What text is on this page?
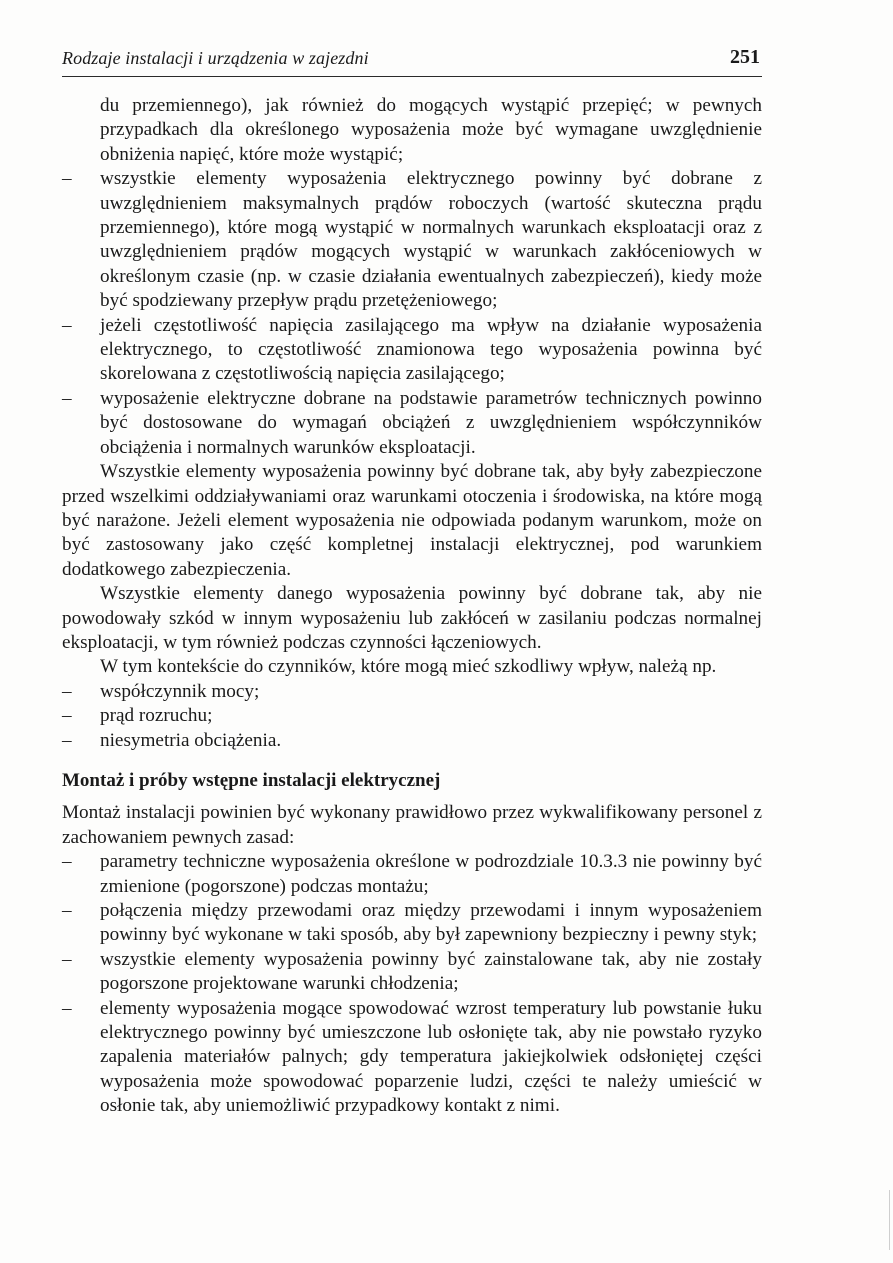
Rodzaje instalacji i urządzenia w zajezdni	251
du przemiennego), jak również do mogących wystąpić przepięć; w pewnych przypadkach dla określonego wyposażenia może być wymagane uwzględnienie obniżenia napięć, które może wystąpić;
–	wszystkie elementy wyposażenia elektrycznego powinny być dobrane z uwzględnieniem maksymalnych prądów roboczych (wartość skuteczna prądu przemiennego), które mogą wystąpić w normalnych warunkach eksploatacji oraz z uwzględnieniem prądów mogących wystąpić w warunkach zakłóceniowych w określonym czasie (np. w czasie działania ewentualnych zabezpieczeń), kiedy może być spodziewany przepływ prądu przetężeniowego;
–	jeżeli częstotliwość napięcia zasilającego ma wpływ na działanie wyposażenia elektrycznego, to częstotliwość znamionowa tego wyposażenia powinna być skorelowana z częstotliwością napięcia zasilającego;
–	wyposażenie elektryczne dobrane na podstawie parametrów technicznych powinno być dostosowane do wymagań obciążeń z uwzględnieniem współczynników obciążenia i normalnych warunków eksploatacji.

Wszystkie elementy wyposażenia powinny być dobrane tak, aby były zabezpieczone przed wszelkimi oddziaływaniami oraz warunkami otoczenia i środowiska, na które mogą być narażone. Jeżeli element wyposażenia nie odpowiada podanym warunkom, może on być zastosowany jako część kompletnej instalacji elektrycznej, pod warunkiem dodatkowego zabezpieczenia.

Wszystkie elementy danego wyposażenia powinny być dobrane tak, aby nie powodowały szkód w innym wyposażeniu lub zakłóceń w zasilaniu podczas normalnej eksploatacji, w tym również podczas czynności łączeniowych.

W tym kontekście do czynników, które mogą mieć szkodliwy wpływ, należą np.

–	współczynnik mocy;
–	prąd rozruchu;
–	niesymetria obciążenia.
Montaż i próby wstępne instalacji elektrycznej

Montaż instalacji powinien być wykonany prawidłowo przez wykwalifikowany personel z zachowaniem pewnych zasad:

–	parametry techniczne wyposażenia określone w podrozdziale 10.3.3 nie powinny być zmienione (pogorszone) podczas montażu;
–	połączenia między przewodami oraz między przewodami i innym wyposażeniem powinny być wykonane w taki sposób, aby był zapewniony bezpieczny i pewny styk;
–	wszystkie elementy wyposażenia powinny być zainstalowane tak, aby nie zostały pogorszone projektowane warunki chłodzenia;
–	elementy wyposażenia mogące spowodować wzrost temperatury lub powstanie łuku elektrycznego powinny być umieszczone lub osłonięte tak, aby nie powstało ryzyko zapalenia materiałów palnych; gdy temperatura jakiejkolwiek odsłoniętej części wyposażenia może spowodować poparzenie ludzi, części te należy umieścić w osłonie tak, aby uniemożliwić przypadkowy kontakt z nimi.
